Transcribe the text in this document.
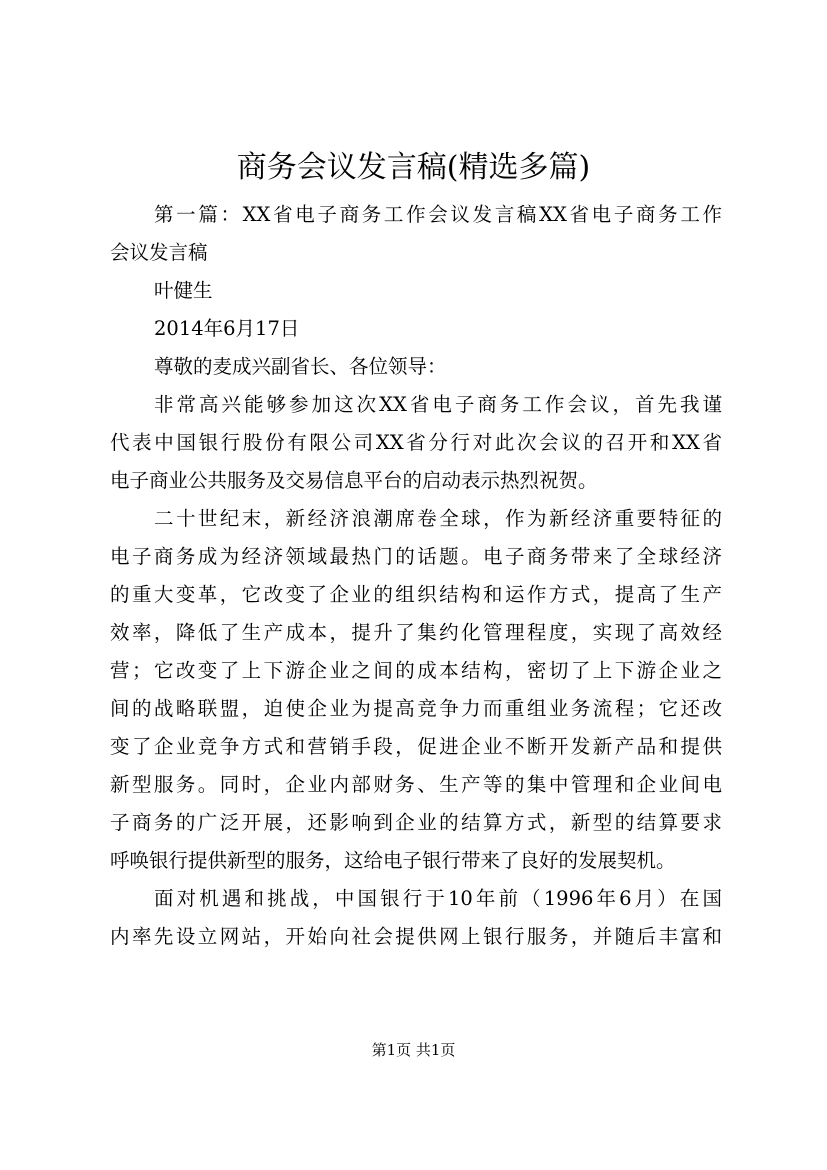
商务会议发言稿(精选多篇)
第一篇：XX省电子商务工作会议发言稿XX省电子商务工作
会议发言稿
叶健生
2014年6月17日
尊敬的麦成兴副省长、各位领导：
非常高兴能够参加这次XX省电子商务工作会议，首先我谨
代表中国银行股份有限公司XX省分行对此次会议的召开和XX省
电子商业公共服务及交易信息平台的启动表示热烈祝贺。
二十世纪末，新经济浪潮席卷全球，作为新经济重要特征的
电子商务成为经济领域最热门的话题。电子商务带来了全球经济
的重大变革，它改变了企业的组织结构和运作方式，提高了生产
效率，降低了生产成本，提升了集约化管理程度，实现了高效经
营；它改变了上下游企业之间的成本结构，密切了上下游企业之
间的战略联盟，迫使企业为提高竞争力而重组业务流程；它还改
变了企业竞争方式和营销手段，促进企业不断开发新产品和提供
新型服务。同时，企业内部财务、生产等的集中管理和企业间电
子商务的广泛开展，还影响到企业的结算方式，新型的结算要求
呼唤银行提供新型的服务，这给电子银行带来了良好的发展契机。
面对机遇和挑战，中国银行于10年前（1996年6月）在国
内率先设立网站，开始向社会提供网上银行服务，并随后丰富和
第1页 共1页
